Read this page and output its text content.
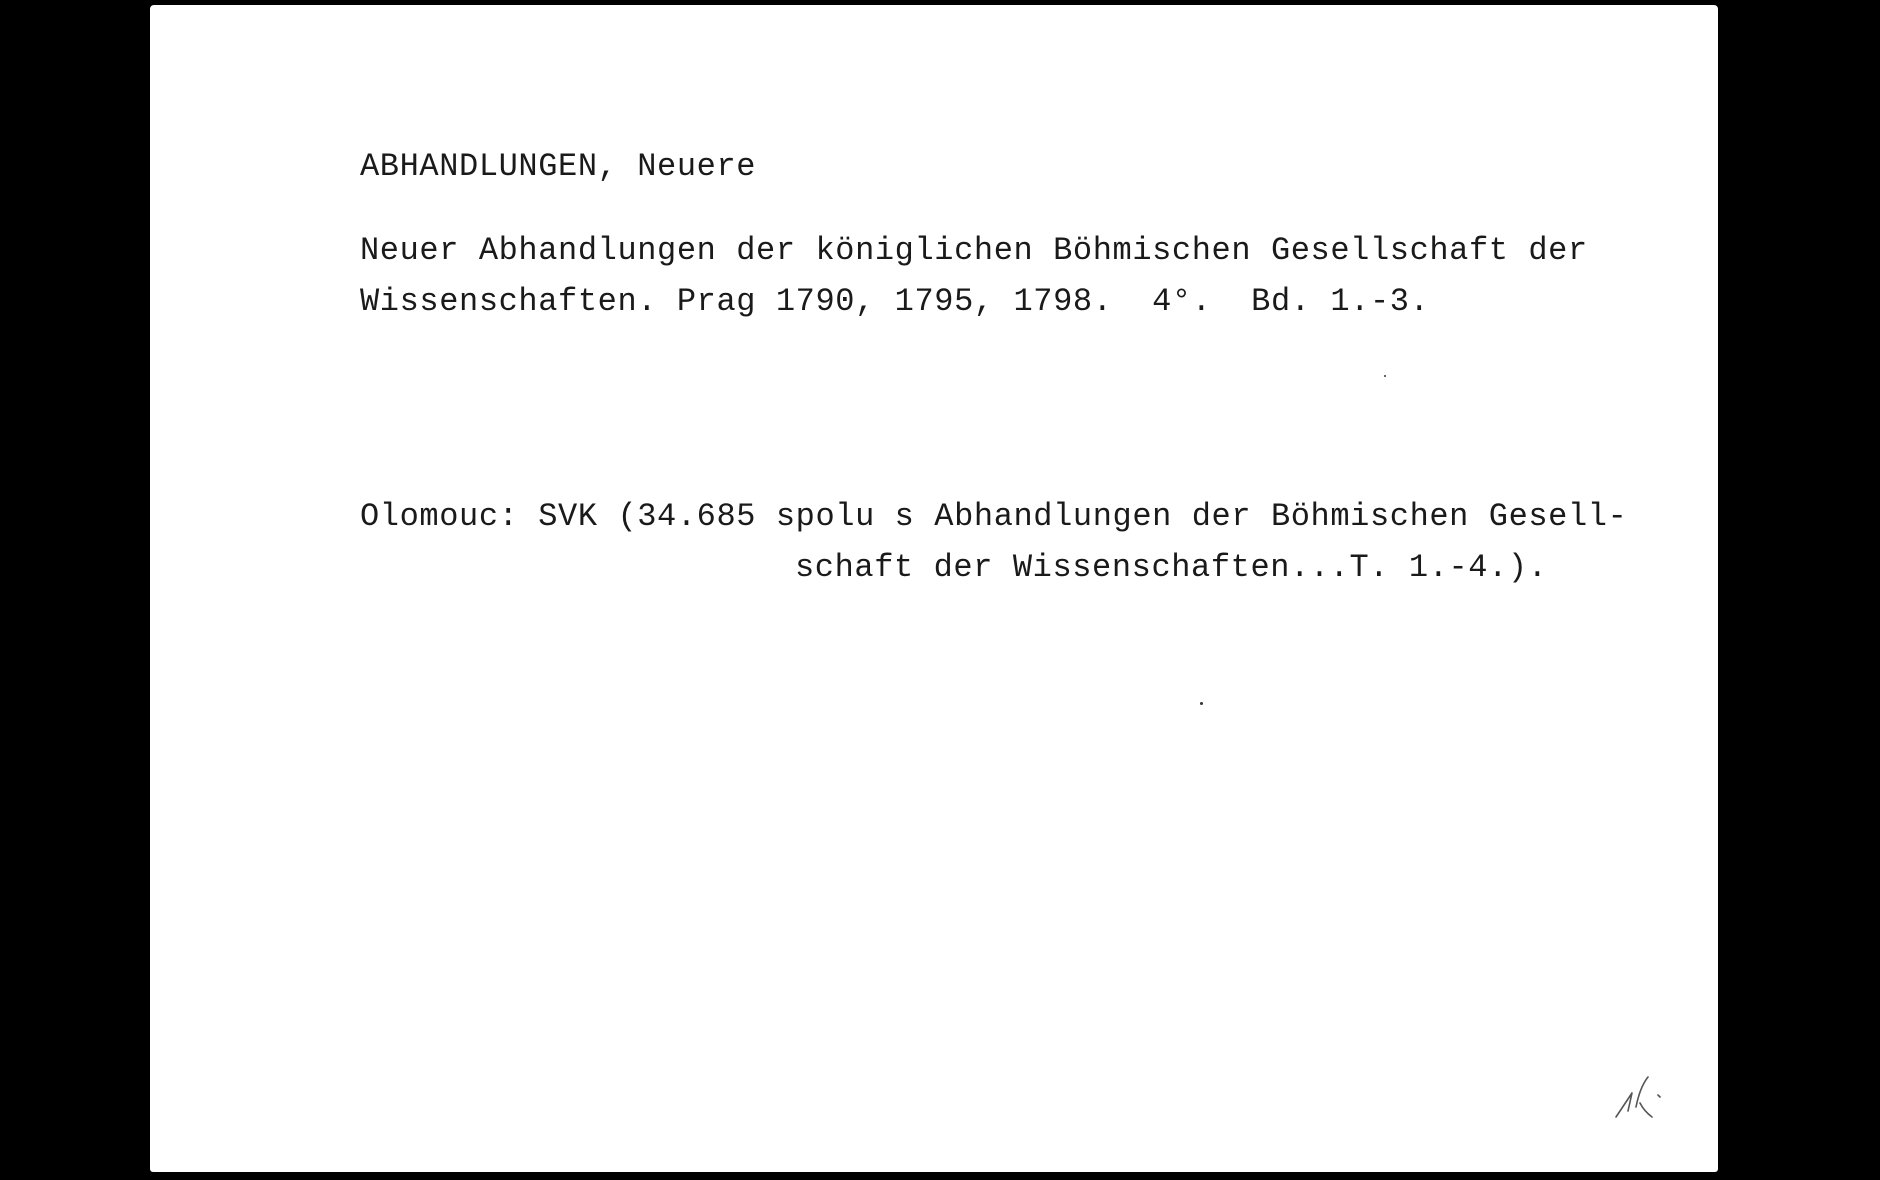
ABHANDLUNGEN, Neuere
Neuer Abhandlungen der königlichen Böhmischen Gesellschaft der
Wissenschaften. Prag 1790, 1795, 1798.  4°.  Bd. 1.-3.
Olomouc: SVK (34.685 spolu s Abhandlungen der Böhmischen Gesell-
schaft der Wissenschaften...T. 1.-4.).
